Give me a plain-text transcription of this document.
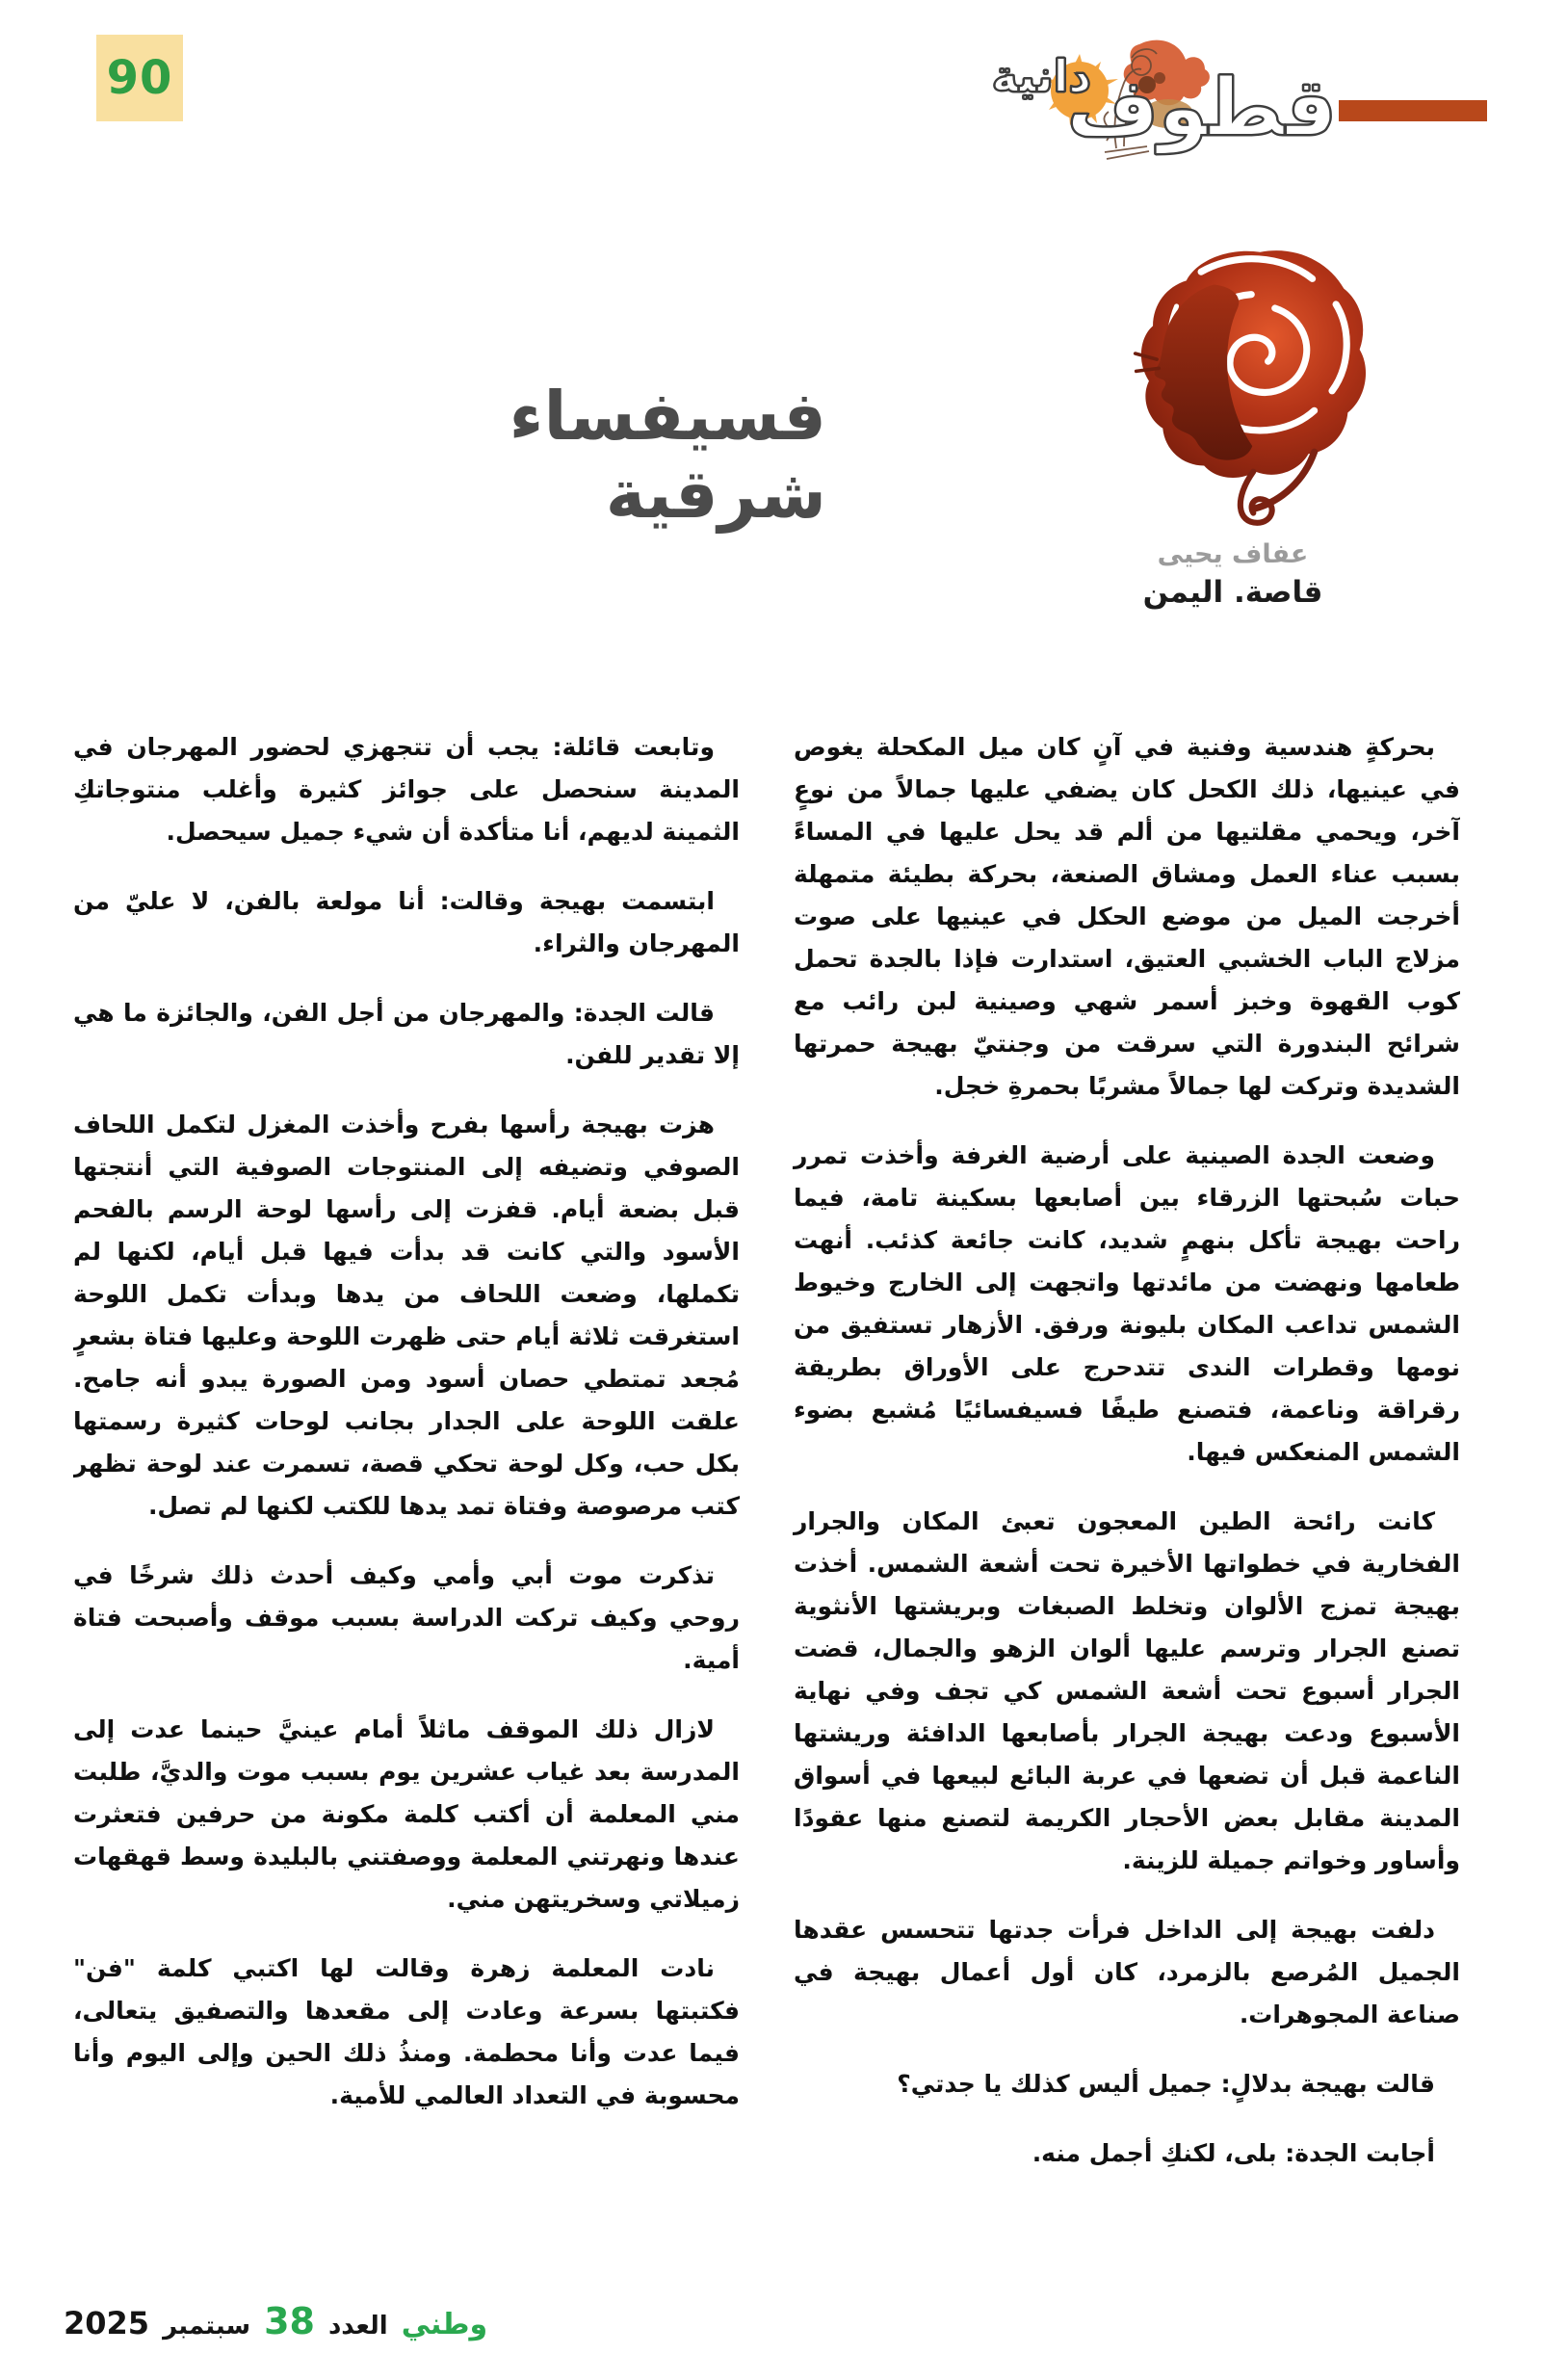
90	قطوف
دانية
فسيفساء شرقية
عفاف يحيى
قاصة. اليمن

بحركةٍ هندسية وفنية في آنٍ كان ميل المكحلة يغوص في عينيها، ذلك الكحل كان يضفي عليها جمالاً من نوعٍ آخر، ويحمي مقلتيها من ألم قد يحل عليها في المساءً بسبب عناء العمل ومشاق الصنعة، بحركة بطيئة متمهلة أخرجت الميل من موضع الحكل في عينيها على صوت مزلاج الباب الخشبي العتيق، استدارت فإذا بالجدة تحمل كوب القهوة وخبز أسمر شهي وصينية لبن رائب مع شرائح البندورة التي سرقت من وجنتيّ بهيجة حمرتها الشديدة وتركت لها جمالاً مشربًا بحمرةِ خجل.

وضعت الجدة الصينية على أرضية الغرفة وأخذت تمرر حبات سُبحتها الزرقاء بين أصابعها بسكينة تامة، فيما راحت بهيجة تأكل بنهمٍ شديد، كانت جائعة كذئب. أنهت طعامها ونهضت من مائدتها واتجهت إلى الخارج وخيوط الشمس تداعب المكان بليونة ورفق. الأزهار تستفيق من نومها وقطرات الندى تتدحرج على الأوراق بطريقة رقراقة وناعمة، فتصنع طيفًا فسيفسائيًا مُشبع بضوء الشمس المنعكس فيها.

كانت رائحة الطين المعجون تعبئ المكان والجرار الفخارية في خطواتها الأخيرة تحت أشعة الشمس. أخذت بهيجة تمزج الألوان وتخلط الصبغات وبريشتها الأنثوية تصنع الجرار وترسم عليها ألوان الزهو والجمال، قضت الجرار أسبوع تحت أشعة الشمس كي تجف وفي نهاية الأسبوع ودعت بهيجة الجرار بأصابعها الدافئة وريشتها الناعمة قبل أن تضعها في عربة البائع لبيعها في أسواق المدينة مقابل بعض الأحجار الكريمة لتصنع منها عقودًا وأساور وخواتم جميلة للزينة.

دلفت بهيجة إلى الداخل فرأت جدتها تتحسس عقدها الجميل المُرصع بالزمرد، كان أول أعمال بهيجة في صناعة المجوهرات.

قالت بهيجة بدلالٍ: جميل أليس كذلك يا جدتي؟

أجابت الجدة: بلى، لكنكِ أجمل منه.

وتابعت قائلة: يجب أن تتجهزي لحضور المهرجان في المدينة سنحصل على جوائز كثيرة وأغلب منتوجاتكِ الثمينة لديهم، أنا متأكدة أن شيء جميل سيحصل.

ابتسمت بهيجة وقالت: أنا مولعة بالفن، لا عليّ من المهرجان والثراء.

قالت الجدة: والمهرجان من أجل الفن، والجائزة ما هي إلا تقدير للفن.

هزت بهيجة رأسها بفرح وأخذت المغزل لتكمل اللحاف الصوفي وتضيفه إلى المنتوجات الصوفية التي أنتجتها قبل بضعة أيام. قفزت إلى رأسها لوحة الرسم بالفحم الأسود والتي كانت قد بدأت فيها قبل أيام، لكنها لم تكملها، وضعت اللحاف من يدها وبدأت تكمل اللوحة استغرقت ثلاثة أيام حتى ظهرت اللوحة وعليها فتاة بشعرٍ مُجعد تمتطي حصان أسود ومن الصورة يبدو أنه جامح. علقت اللوحة على الجدار بجانب لوحات كثيرة رسمتها بكل حب، وكل لوحة تحكي قصة، تسمرت عند لوحة تظهر كتب مرصوصة وفتاة تمد يدها للكتب لكنها لم تصل.

تذكرت موت أبي وأمي وكيف أحدث ذلك شرخًا في روحي وكيف تركت الدراسة بسبب موقف وأصبحت فتاة أمية.

لازال ذلك الموقف ماثلاً أمام عينيَّ حينما عدت إلى المدرسة بعد غياب عشرين يوم بسبب موت والديَّ، طلبت مني المعلمة أن أكتب كلمة مكونة من حرفين فتعثرت عندها ونهرتني المعلمة ووصفتني بالبليدة وسط قهقهات زميلاتي وسخريتهن مني.

نادت المعلمة زهرة وقالت لها اكتبي كلمة "فن" فكتبتها بسرعة وعادت إلى مقعدها والتصفيق يتعالى، فيما عدت وأنا محطمة. ومنذُ ذلك الحين وإلى اليوم وأنا محسوبة في التعداد العالمي للأمية.

وطني
العدد
38
سبتمبر
2025
